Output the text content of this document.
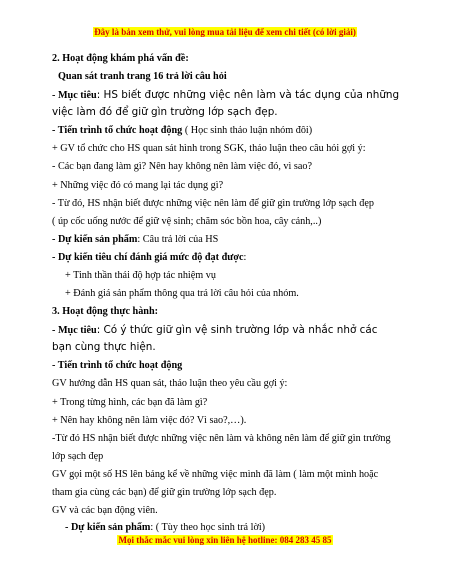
Đây là bản xem thử, vui lòng mua tải liệu để xem chi tiết (có lời giải)
2. Hoạt động khám phá vấn đề:
Quan sát tranh trang 16 trả lời câu hỏi
- Mục tiêu: HS biết được những việc nên làm và tác dụng của những
việc làm đó để giữ gìn trường lớp sạch đẹp.
- Tiến trình tổ chức hoạt động ( Học sinh thảo luận nhóm đôi)
+ GV tổ chức cho HS quan sát hình trong SGK, thảo luận theo câu hỏi gợi ý:
- Các bạn đang làm gì? Nên hay không nên làm việc đó, vì sao?
+ Những việc đó có mang lại tác dụng gì?
- Từ đó, HS nhận biết được những việc nên làm để giữ gìn trường lớp sạch đẹp
( úp cốc uống nước để giữ vệ sinh; chăm sóc bồn hoa, cây cảnh,..)
- Dự kiến sản phẩm: Câu trả lời của HS
- Dự kiến tiêu chí đánh giá mức độ đạt được:
+ Tinh thần thái độ hợp tác nhiệm vụ
+ Đánh giá sản phẩm thông qua trả lời câu hỏi của nhóm.
3. Hoạt động thực hành:
- Mục tiêu: Có ý thức giữ gìn vệ sinh trường lớp và nhắc nhở các
bạn cùng thực hiện.
- Tiến trình tổ chức hoạt động
GV hướng dẫn HS quan sát, thảo luận theo yêu cầu gợi ý:
+ Trong từng hình, các bạn đã làm gì?
+ Nên hay không nên làm việc đó? Vì sao?,…).
-Từ đó HS nhận biết được những việc nên làm và không nên làm để giữ gìn trường
lớp sạch đẹp
GV gọi một số HS lên bảng kể về những việc mình đã làm ( làm một mình hoặc
tham gia cùng các bạn) để giữ gìn trường lớp sạch đẹp.
GV và các bạn động viên.
- Dự kiến sản phẩm: ( Tùy theo học sinh trả lời)
Mọi thắc mắc vui lòng xin liên hệ hotline: 084 283 45 85
